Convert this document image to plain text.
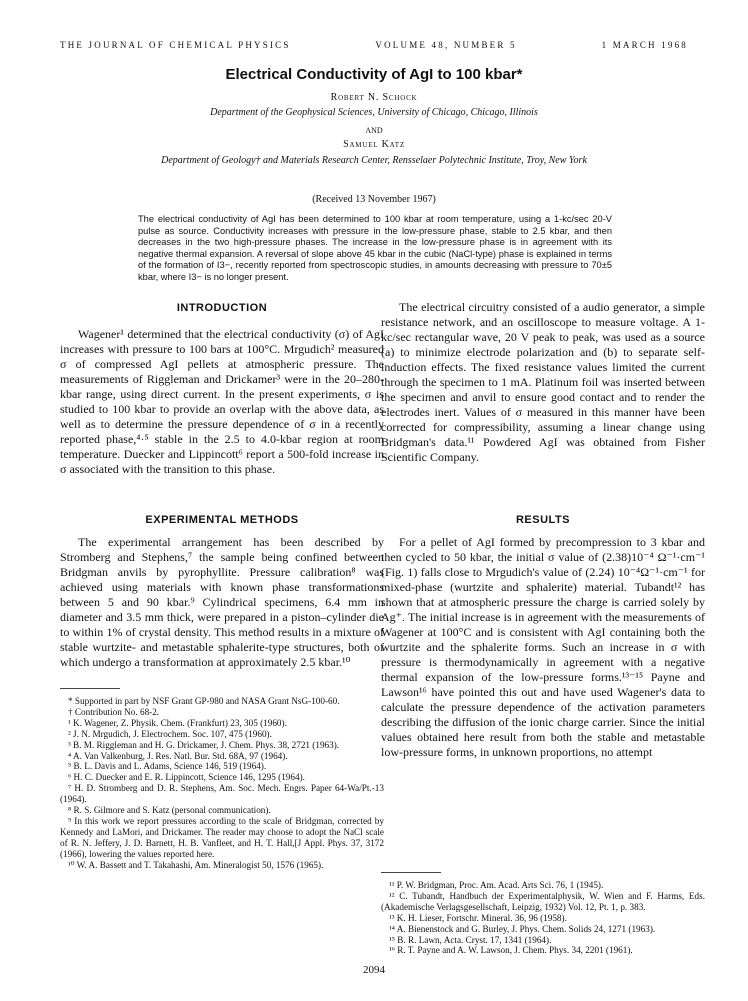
THE JOURNAL OF CHEMICAL PHYSICS	VOLUME 48, NUMBER 5	1 MARCH 1968
Electrical Conductivity of AgI to 100 kbar*
Robert N. Schock
Department of the Geophysical Sciences, University of Chicago, Chicago, Illinois
AND
Samuel Katz
Department of Geology† and Materials Research Center, Rensselaer Polytechnic Institute, Troy, New York
(Received 13 November 1967)
The electrical conductivity of AgI has been determined to 100 kbar at room temperature, using a 1-kc/sec 20-V pulse as source. Conductivity increases with pressure in the low-pressure phase, stable to 2.5 kbar, and then decreases in the two high-pressure phases. The increase in the low-pressure phase is in agreement with its negative thermal expansion. A reversal of slope above 45 kbar in the cubic (NaCl-type) phase is explained in terms of the formation of I3−, recently reported from spectroscopic studies, in amounts decreasing with pressure to 70±5 kbar, where I3− is no longer present.

INTRODUCTION

Wagener¹ determined that the electrical conductivity (σ) of AgI increases with pressure to 100 bars at 100°C. Mrgudich² measured σ of compressed AgI pellets at atmospheric pressure. The measurements of Riggleman and Drickamer³ were in the 20–280-kbar range, using direct current. In the present experiments, σ is studied to 100 kbar to provide an overlap with the above data, as well as to determine the pressure dependence of σ in a recently reported phase,⁴·⁵ stable in the 2.5 to 4.0-kbar region at room temperature. Duecker and Lippincott⁶ report a 500-fold increase in σ associated with the transition to this phase.

EXPERIMENTAL METHODS

The experimental arrangement has been described by Stromberg and Stephens,⁷ the sample being confined between Bridgman anvils by pyrophyllite. Pressure calibration⁸ was achieved using materials with known phase transformations between 5 and 90 kbar.⁹ Cylindrical specimens, 6.4 mm in diameter and 3.5 mm thick, were prepared in a piston–cylinder die to within 1% of crystal density. This method results in a mixture of stable wurtzite- and metastable sphalerite-type structures, both of which undergo a transformation at approximately 2.5 kbar.¹⁰

* Supported in part by NSF Grant GP-980 and NASA Grant NsG-100-60.

† Contribution No. 68-2.

¹ K. Wagener, Z. Physik. Chem. (Frankfurt) 23, 305 (1960).

² J. N. Mrgudich, J. Electrochem. Soc. 107, 475 (1960).

³ B. M. Riggleman and H. G. Drickamer, J. Chem. Phys. 38, 2721 (1963).

⁴ A. Van Valkenburg, J. Res. Natl. Bur. Std. 68A, 97 (1964).

⁵ B. L. Davis and L. Adams, Science 146, 519 (1964).

⁶ H. C. Duecker and E. R. Lippincott, Science 146, 1295 (1964).

⁷ H. D. Stromberg and D. R. Stephens, Am. Soc. Mech. Engrs. Paper 64-Wa/Pt.-13 (1964).

⁸ R. S. Gilmore and S. Katz (personal communication).

⁹ In this work we report pressures according to the scale of Bridgman, corrected by Kennedy and LaMori, and Drickamer. The reader may choose to adopt the NaCl scale of R. N. Jeffery, J. D. Barnett, H. B. Vanfleet, and H. T. Hall,[J Appl. Phys. 37, 3172 (1966), lowering the values reported here.

¹⁰ W. A. Bassett and T. Takahashi, Am. Mineralogist 50, 1576 (1965).

The electrical circuitry consisted of a audio generator, a simple resistance network, and an oscilloscope to measure voltage. A 1-kc/sec rectangular wave, 20 V peak to peak, was used as a source (a) to minimize electrode polarization and (b) to separate self-induction effects. The fixed resistance values limited the current through the specimen to 1 mA. Platinum foil was inserted between the specimen and anvil to ensure good contact and to render the electrodes inert. Values of σ measured in this manner have been corrected for compressibility, assuming a linear change using Bridgman's data.¹¹ Powdered AgI was obtained from Fisher Scientific Company.

RESULTS

For a pellet of AgI formed by precompression to 3 kbar and then cycled to 50 kbar, the initial σ value of (2.38)10⁻⁴ Ω⁻¹·cm⁻¹ (Fig. 1) falls close to Mrgudich's value of (2.24) 10⁻⁴Ω⁻¹·cm⁻¹ for mixed-phase (wurtzite and sphalerite) material. Tubandt¹² has shown that at atmospheric pressure the charge is carried solely by Ag⁺. The initial increase is in agreement with the measurements of Wagener at 100°C and is consistent with AgI containing both the wurtzite and the sphalerite forms. Such an increase in σ with pressure is thermodynamically in agreement with a negative thermal expansion of the low-pressure forms.¹³⁻¹⁵ Payne and Lawson¹⁶ have pointed this out and have used Wagener's data to calculate the pressure dependence of the activation parameters describing the diffusion of the ionic charge carrier. Since the initial values obtained here result from both the stable and metastable low-pressure forms, in unknown proportions, no attempt

¹¹ P. W. Bridgman, Proc. Am. Acad. Arts Sci. 76, 1 (1945).

¹² C. Tubandt, Handbuch der Experimentalphysik, W. Wien and F. Harms, Eds. (Akademische Verlagsgesellschaft, Leipzig, 1932) Vol. 12, Pt. 1, p. 383.

¹³ K. H. Lieser, Fortschr. Mineral. 36, 96 (1958).

¹⁴ A. Bienenstock and G. Burley, J. Phys. Chem. Solids 24, 1271 (1963).

¹⁵ B. R. Lawn, Acta. Cryst. 17, 1341 (1964).

¹⁶ R. T. Payne and A. W. Lawson, J. Chem. Phys. 34, 2201 (1961).

2094
